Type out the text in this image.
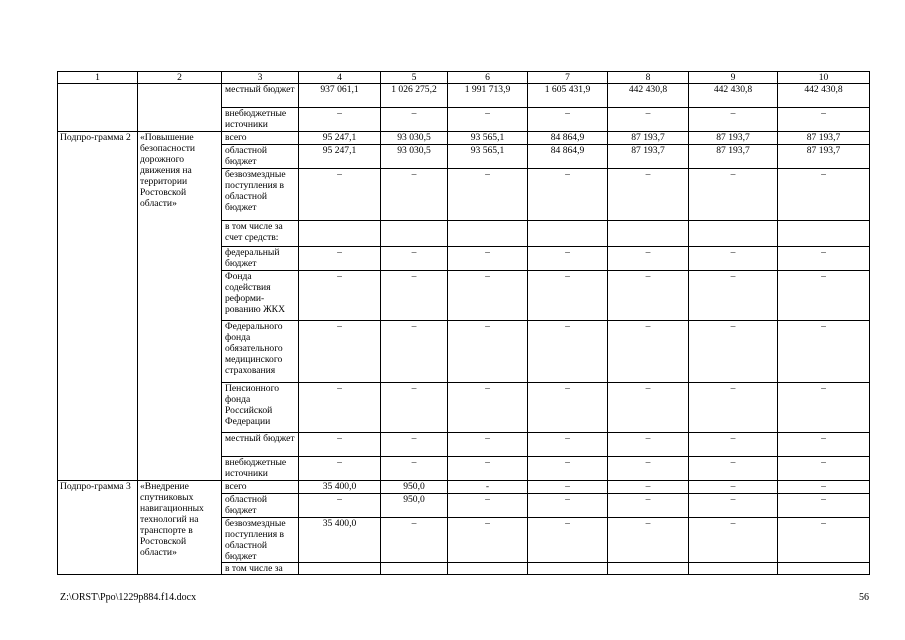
1	2	3	4	5	6	7	8	9	10
		местный бюджет	937 061,1	1 026 275,2	1 991 713,9	1 605 431,9	442 430,8	442 430,8	442 430,8
		внебюджетные источники	–	–	–	–	–	–	–
Подпро-грамма 2	«Повышение безопасности дорожного движения на территории Ростовской области»	всего	95 247,1	93 030,5	93 565,1	84 864,9	87 193,7	87 193,7	87 193,7
		областной бюджет	95 247,1	93 030,5	93 565,1	84 864,9	87 193,7	87 193,7	87 193,7
		безвозмездные поступления в областной бюджет	–	–	–	–	–	–	–
		в том числе за счет средств:							
		федеральный бюджет	–	–	–	–	–	–	–
		Фонда содействия реформи-рованию ЖКХ	–	–	–	–	–	–	–
		Федерального фонда обязательного медицинского страхования	–	–	–	–	–	–	–
		Пенсионного фонда Российской Федерации	–	–	–	–	–	–	–
		местный бюджет	–	–	–	–	–	–	–
		внебюджетные источники	–	–	–	–	–	–	–
Подпро-грамма 3	«Внедрение спутниковых навигационных технологий на транспорте в Ростовской области»	всего	35 400,0	950,0	-	–	–	–	–
		областной бюджет	–	950,0	–	–	–	–	–
		безвозмездные поступления в областной бюджет	35 400,0	–	–	–	–	–	–
		в том числе за							
Z:\ORST\Ppo\1229p884.f14.docx	56
